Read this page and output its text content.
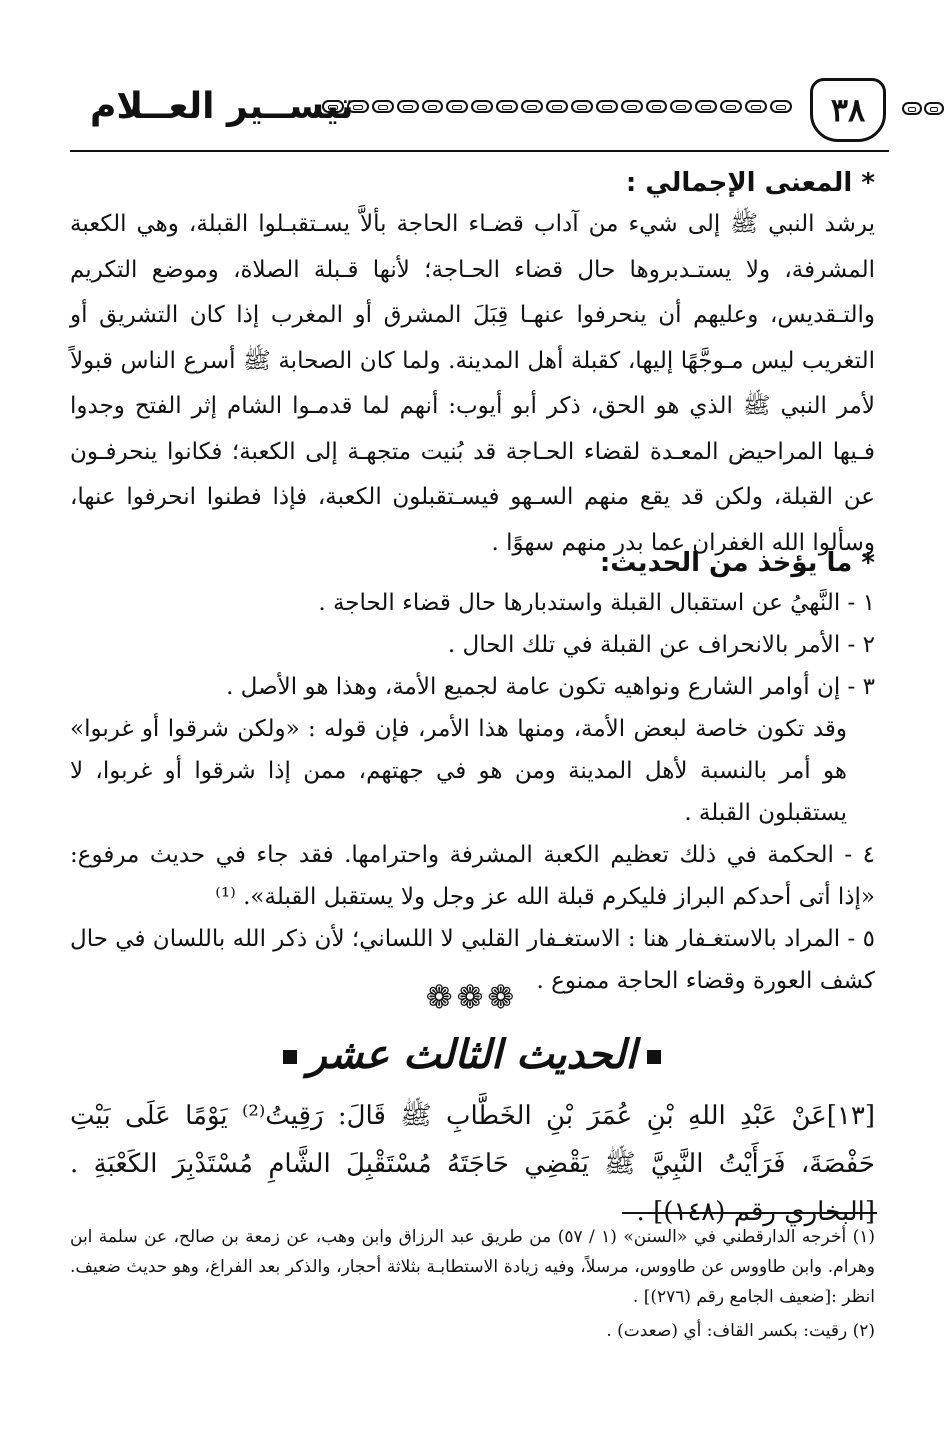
تيســير العــلام	٣٨
* المعنى الإجمالي :
يرشد النبي ﷺ إلى شيء من آداب قضـاء الحاجة بألاَّ يسـتقبـلوا القبلة، وهي الكعبة المشرفة، ولا يستـدبروها حال قضاء الحـاجة؛ لأنها قـبلة الصلاة، وموضع التكريم والتـقديس، وعليهم أن ينحرفوا عنهـا قِبَلَ المشرق أو المغرب إذا كان التشريق أو التغريب ليس مـوجَّهًا إليها، كقبلة أهل المدينة. ولما كان الصحابة ﷺ أسرع الناس قبولاً لأمر النبي ﷺ الذي هو الحق، ذكر أبو أيوب: أنهم لما قدمـوا الشام إثر الفتح وجدوا فـيها المراحيض المعـدة لقضاء الحـاجة قد بُنيت متجهـة إلى الكعبة؛ فكانوا ينحرفـون عن القبلة، ولكن قد يقع منهم السـهو فيسـتقبلون الكعبة، فإذا فطنوا انحرفوا عنها، وسألوا الله الغفران عما بدر منهم سهوًا .
* ما يؤخذ من الحديث:
١ - النَّهيُ عن استقبال القبلة واستدبارها حال قضاء الحاجة .
٢ - الأمر بالانحراف عن القبلة في تلك الحال .
٣ - إن أوامر الشارع ونواهيه تكون عامة لجميع الأمة، وهذا هو الأصل .
وقد تكون خاصة لبعض الأمة، ومنها هذا الأمر، فإن قوله : «ولكن شرقوا أو غربوا» هو أمر بالنسبة لأهل المدينة ومن هو في جهتهم، ممن إذا شرقوا أو غربوا، لا يستقبلون القبلة .
٤ - الحكمة في ذلك تعظيم الكعبة المشرفة واحترامها. فقد جاء في حديث مرفوع: «إذا أتى أحدكم البراز فليكرم قبلة الله عز وجل ولا يستقبل القبلة». ⁽¹⁾
٥ - المراد بالاستغـفار هنا : الاستغـفار القلبي لا اللساني؛ لأن ذكر الله باللسان في حال كشف العورة وقضاء الحاجة ممنوع .
❁❁❁
الحديث الثالث عشر
[١٣]عَنْ عَبْدِ اللهِ بْنِ عُمَرَ بْنِ الخَطَّابِ ﷺ قَالَ: رَقِيتُ⁽²⁾ يَوْمًا عَلَى بَيْتِ حَفْصَةَ، فَرَأَيْتُ النَّبِيَّ ﷺ يَقْضِي حَاجَتَهُ مُسْتَقْبِلَ الشَّامِ مُسْتَدْبِرَ الكَعْبَةِ . [البخاري رقم (١٤٨)] .
(١) أخرجه الدارقطني في «السنن» (١ / ٥٧) من طريق عبد الرزاق وابن وهب، عن زمعة بن صالح، عن سلمة ابن وهرام. وابن طاووس عن طاووس، مرسلاً، وفيه زيادة الاستطابـة بثلاثة أحجار، والذكر بعد الفراغ، وهو حديث ضعيف. انظر :[ضعيف الجامع رقم (٢٧٦)] .
(٢) رقيت: بكسر القاف: أي (صعدت) .
